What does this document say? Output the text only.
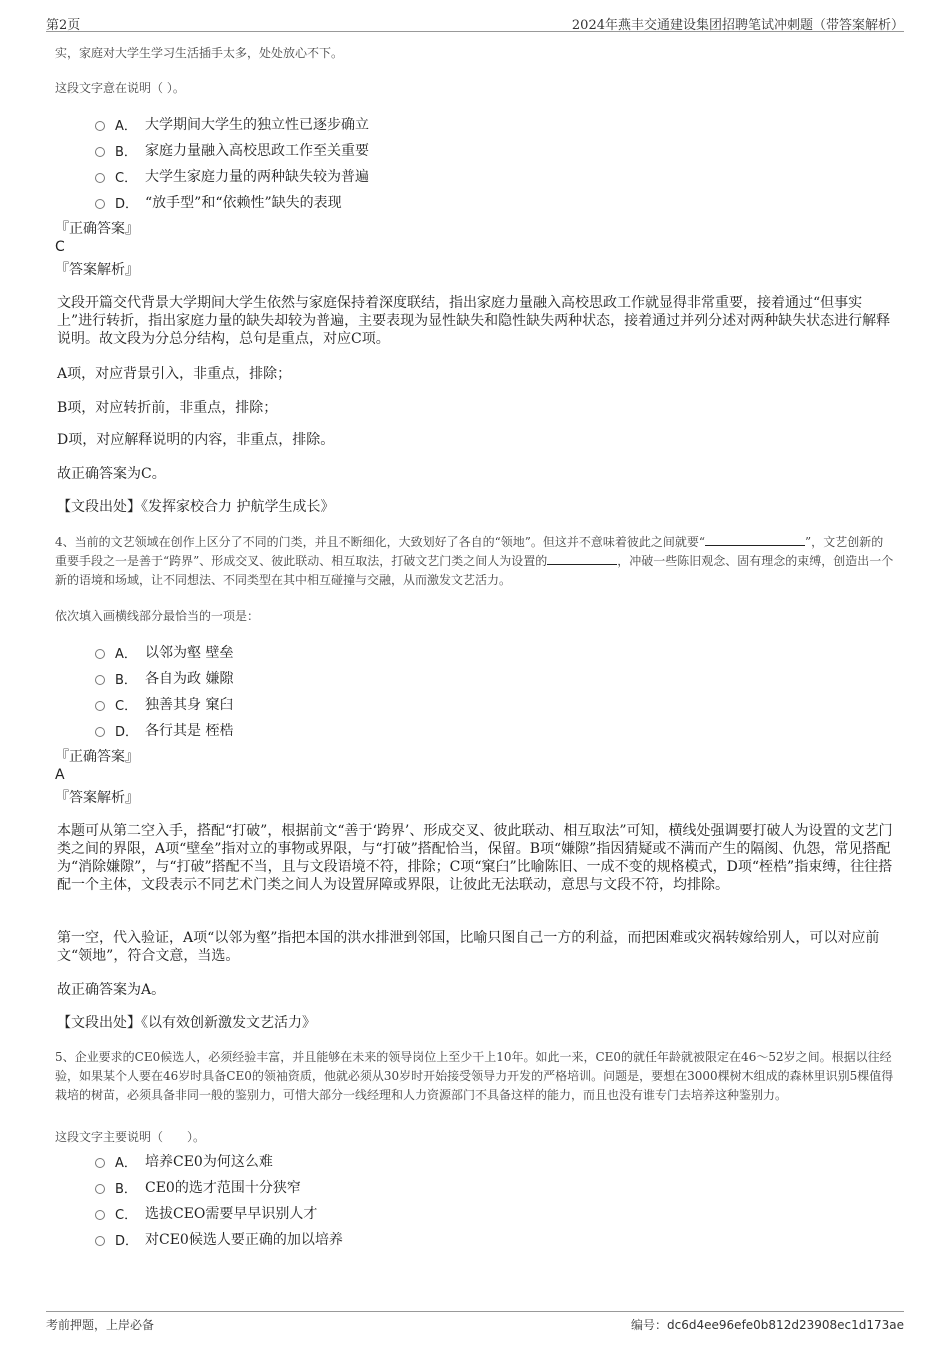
第2页	2024年燕丰交通建设集团招聘笔试冲刺题（带答案解析）
实，家庭对大学生学习生活插手太多，处处放心不下。
这段文字意在说明（ ）。
A． 大学期间大学生的独立性已逐步确立
B． 家庭力量融入高校思政工作至关重要
C． 大学生家庭力量的两种缺失较为普遍
D． “放手型”和“依赖性”缺失的表现
『正确答案』
C
『答案解析』
文段开篇交代背景大学期间大学生依然与家庭保持着深度联结，指出家庭力量融入高校思政工作就显得非常重要，接着通过“但事实上”进行转折，指出家庭力量的缺失却较为普遍，主要表现为显性缺失和隐性缺失两种状态，接着通过并列分述对两种缺失状态进行解释说明。故文段为分总分结构，总句是重点，对应C项。
A项，对应背景引入，非重点，排除；
B项，对应转折前，非重点，排除；
D项，对应解释说明的内容，非重点，排除。
故正确答案为C。
【文段出处】《发挥家校合力 护航学生成长》
4、当前的文艺领域在创作上区分了不同的门类，并且不断细化，大致划好了各自的“领地”。但这并不意味着彼此之间就要“	”，文艺创新的重要手段之一是善于“跨界”、形成交叉、彼此联动、相互取法，打破文艺门类之间人为设置的	，冲破一些陈旧观念、固有理念的束缚，创造出一个新的语境和场域，让不同想法、不同类型在其中相互碰撞与交融，从而激发文艺活力。
依次填入画横线部分最恰当的一项是：
A． 以邻为壑 壁垒
B． 各自为政 嫌隙
C． 独善其身 窠臼
D． 各行其是 桎梏
『正确答案』
A
『答案解析』
本题可从第二空入手，搭配“打破”，根据前文“善于‘跨界’、形成交叉、彼此联动、相互取法”可知，横线处强调要打破人为设置的文艺门类之间的界限，A项“壁垒”指对立的事物或界限，与“打破”搭配恰当，保留。B项“嫌隙”指因猜疑或不满而产生的隔阂、仇怨，常见搭配为“消除嫌隙”，与“打破”搭配不当，且与文段语境不符，排除；C项“窠臼”比喻陈旧、一成不变的规格模式，D项“桎梏”指束缚，往往搭配一个主体，文段表示不同艺术门类之间人为设置屏障或界限，让彼此无法联动，意思与文段不符，均排除。
第一空，代入验证，A项“以邻为壑”指把本国的洪水排泄到邻国，比喻只图自己一方的利益，而把困难或灾祸转嫁给别人，可以对应前文“领地”，符合文意，当选。
故正确答案为A。
【文段出处】《以有效创新激发文艺活力》
5、企业要求的CE0候选人，必须经验丰富，并且能够在未来的领导岗位上至少干上10年。如此一来，CE0的就任年龄就被限定在46～52岁之间。根据以往经验，如果某个人要在46岁时具备CE0的领袖资质，他就必须从30岁时开始接受领导力开发的严格培训。问题是，要想在3000棵树木组成的森林里识别5棵值得栽培的树苗，必须具备非同一般的鉴别力，可惜大部分一线经理和人力资源部门不具备这样的能力，而且也没有谁专门去培养这种鉴别力。
这段文字主要说明（　　）。
A． 培养CE0为何这么难
B． CE0的选才范围十分狭窄
C． 选拔CEO需要早早识别人才
D． 对CE0候选人要正确的加以培养
考前押题，上岸必备	编号：dc6d4ee96efe0b812d23908ec1d173ae
